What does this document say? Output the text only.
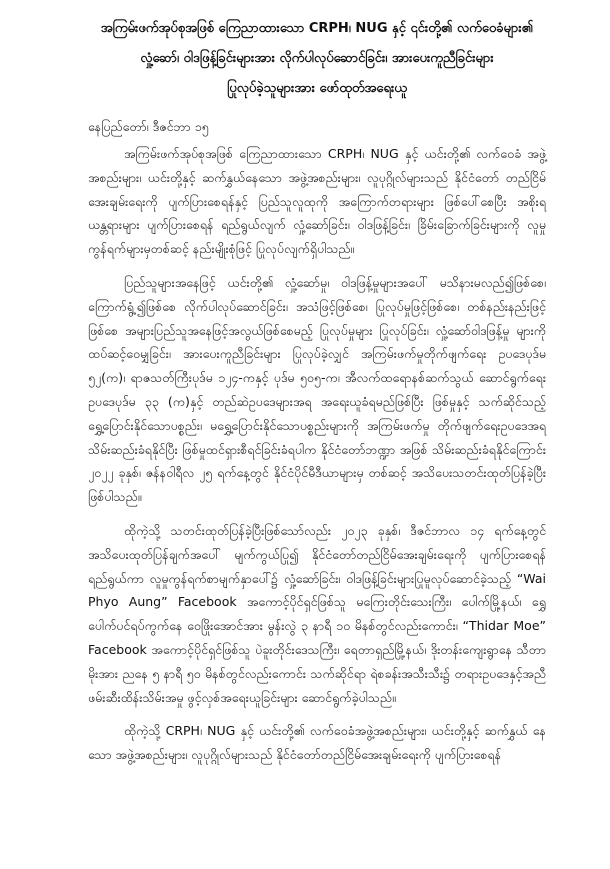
အကြမ်းဖက်အုပ်စုအဖြစ် ကြေညာထားသော CRPH၊ NUG နှင့် ၎င်းတို့၏ လက်ဝေခံများ၏
လှုံ့ဆော်၊ ဝါဒဖြန့်ခြင်းများအား လိုက်ပါလုပ်ဆောင်ခြင်း၊ အားပေးကူညီခြင်းများ
ပြုလုပ်ခဲ့သူများအား ဖော်ထုတ်အရေးယူ
နေပြည်တော်၊ ဒီဇင်ဘာ ၁၅

အကြမ်းဖက်အုပ်စုအဖြစ် ကြေညာထားသော CRPH၊ NUG နှင့် ယင်းတို့၏ လက်ဝေခံ အဖွဲ့အစည်းများ၊ ယင်းတို့နှင့် ဆက်နွှယ်နေသော အဖွဲ့အစည်းများ၊ လူပုဂ္ဂိုလ်များသည် နိုင်ငံတော် တည်ငြိမ်အေးချမ်းရေးကို ပျက်ပြားစေရန်နှင့် ပြည်သူလူထုကို အကြောက်တရားများ ဖြစ်ပေါ်စေပြီး အစိုးရယန္တရားများ ပျက်ပြားစေရန် ရည်ရွယ်လျက် လှုံ့ဆော်ခြင်း၊ ဝါဒဖြန့်ခြင်း၊ ခြိမ်းခြောက်ခြင်းများကို လူမှုကွန်ရက်များမှတစ်ဆင့် နည်းမျိုးစုံဖြင့် ပြုလုပ်လျက်ရှိပါသည်။

ပြည်သူများအနေဖြင့် ယင်းတို့၏ လှုံ့ဆော်မှု၊ ဝါဒဖြန့်မှုများအပေါ် မသိနားမလည်၍ဖြစ်စေ၊ ကြောက်ရွံ့၍ဖြစ်စေ လိုက်ပါလုပ်ဆောင်ခြင်း၊ အသံဖြင့်ဖြစ်စေ၊ ပြုလုပ်မှုဖြင့်ဖြစ်စေ၊ တစ်နည်းနည်းဖြင့် ဖြစ်စေ အများပြည်သူအနေဖြင့်အလွယ်ဖြစ်စေမည့် ပြုလုပ်မှုများ ပြုလုပ်ခြင်း၊ လှုံ့ဆော်ဝါဒဖြန့်မှု များကို ထပ်ဆင့်ဝေမျှခြင်း၊ အားပေးကူညီခြင်းများ ပြုလုပ်ခဲ့လျှင် အကြမ်းဖက်မှုတိုက်ဖျက်ရေး ဥပဒေပုဒ်မ ၅၂(က)၊ ရာဇသတ်ကြီးပုဒ်မ ၁၂၄-ကနှင့် ပုဒ်မ ၅၀၅-က၊ အီလက်ထရောနစ်ဆက်သွယ် ဆောင်ရွက်ရေးဥပဒေပုဒ်မ ၃၃ (က)နှင့် တည်ဆဲဥပဒေများအရ အရေးယူခံရမည်ဖြစ်ပြီး ဖြစ်မှုနှင့် သက်ဆိုင်သည့် ရွှေ့ပြောင်းနိုင်သောပစ္စည်း၊ မရွှေ့ပြောင်းနိုင်သောပစ္စည်းများကို အကြမ်းဖက်မှု တိုက်ဖျက်ရေးဥပဒေအရ သိမ်းဆည်းခံရနိုင်ပြီး ဖြစ်မှုထင်ရှားစီရင်ခြင်းခံရပါက နိုင်ငံတော်ဘဏ္ဍာ အဖြစ် သိမ်းဆည်းခံရနိုင်ကြောင်း ၂၀၂၂ ခုနှစ်၊ ဇန်နဝါရီလ ၂၅ ရက်နေ့တွင် နိုင်ငံပိုင်မီဒီယာများမှ တစ်ဆင့် အသိပေးသတင်းထုတ်ပြန်ခဲ့ပြီး ဖြစ်ပါသည်။

ထိုကဲ့သို့ သတင်းထုတ်ပြန်ခဲ့ပြီးဖြစ်သော်လည်း ၂၀၂၃ ခုနှစ်၊ ဒီဇင်ဘာလ ၁၄ ရက်နေ့တွင် အသိပေးထုတ်ပြန်ချက်အပေါ် မျက်ကွယ်ပြု၍ နိုင်ငံတော်တည်ငြိမ်အေးချမ်းရေးကို ပျက်ပြားစေရန် ရည်ရွယ်ကာ လူမှုကွန်ရက်စာမျက်နှာပေါ်၌ လှုံ့ဆော်ခြင်း၊ ဝါဒဖြန့်ခြင်းများပြုမူလုပ်ဆောင်ခဲ့သည့် “Wai Phyo Aung” Facebook အကောင့်ပိုင်ရှင်ဖြစ်သူ မကြေးတိုင်းသေးကြီး၊ ပေါက်မြို့နယ်၊ ရွှေပေါက်ပင်ရပ်ကွက်နေ ဝေဖြိုးအောင်အား မွန်းလွဲ ၃ နာရီ ၁၀ မိနစ်တွင်လည်းကောင်း၊ “Thidar Moe” Facebook အကောင့်ပိုင်ရှင်ဖြစ်သူ ပဲခူးတိုင်းဒေသကြီး၊ ရေတာရှည်မြို့နယ်၊ ဒိုးတန်းကျေးရွာနေ သီတာမိုးအား ညနေ ၅ နာရီ ၅၀ မိနစ်တွင်လည်းကောင်း သက်ဆိုင်ရာ ရဲစခန်းအသီးသီး၌ တရားဥပဒေနှင့်အညီ ဖမ်းဆီးထိန်းသိမ်းအမှု ဖွင့်လှစ်အရေးယူခြင်းများ ဆောင်ရွက်ခဲ့ပါသည်။

ထိုကဲ့သို့ CRPH၊ NUG နှင့် ယင်းတို့၏ လက်ဝေခံအဖွဲ့အစည်းများ၊ ယင်းတို့နှင့် ဆက်နွှယ် နေသော အဖွဲ့အစည်းများ၊ လူပုဂ္ဂိုလ်များသည် နိုင်ငံတော်တည်ငြိမ်အေးချမ်းရေးကို ပျက်ပြားစေရန်
